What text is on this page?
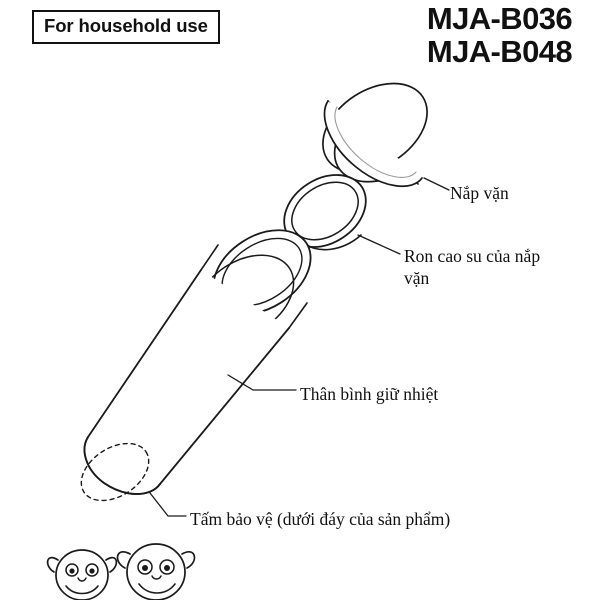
For household use	MJA-B036
MJA-B048
Nắp vặn
Ron cao su của nắp vặn
Thân bình giữ nhiệt
Tấm bảo vệ (dưới đáy của sản phẩm)
